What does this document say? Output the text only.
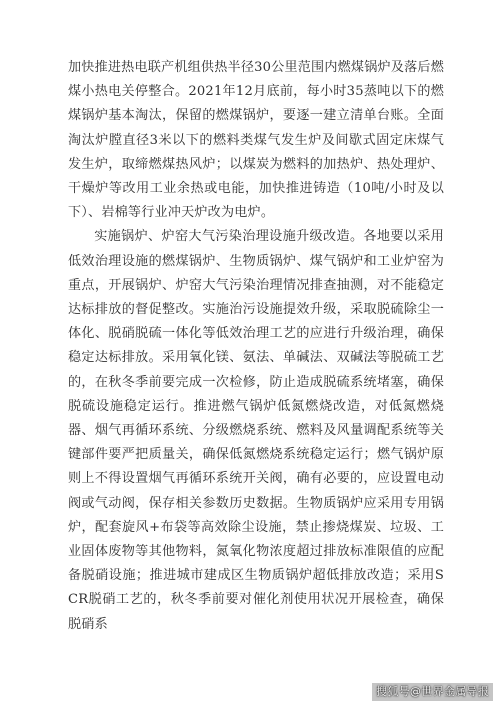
加快推进热电联产机组供热半径30公里范围内燃煤锅炉及落后燃煤小热电关停整合。2021年12月底前，每小时35蒸吨以下的燃煤锅炉基本淘汰，保留的燃煤锅炉，要逐一建立清单台账。全面淘汰炉膛直径3米以下的燃料类煤气发生炉及间歇式固定床煤气发生炉，取缔燃煤热风炉；以煤炭为燃料的加热炉、热处理炉、干燥炉等改用工业余热或电能，加快推进铸造（10吨/小时及以下）、岩棉等行业冲天炉改为电炉。

实施锅炉、炉窑大气污染治理设施升级改造。各地要以采用低效治理设施的燃煤锅炉、生物质锅炉、煤气锅炉和工业炉窑为重点，开展锅炉、炉窑大气污染治理情况排查抽测，对不能稳定达标排放的督促整改。实施治污设施提效升级，采取脱硫除尘一体化、脱硝脱硫一体化等低效治理工艺的应进行升级治理，确保稳定达标排放。采用氧化镁、氨法、单碱法、双碱法等脱硫工艺的，在秋冬季前要完成一次检修，防止造成脱硫系统堵塞，确保脱硫设施稳定运行。推进燃气锅炉低氮燃烧改造，对低氮燃烧器、烟气再循环系统、分级燃烧系统、燃料及风量调配系统等关键部件要严把质量关，确保低氮燃烧系统稳定运行；燃气锅炉原则上不得设置烟气再循环系统开关阀，确有必要的，应设置电动阀或气动阀，保存相关参数历史数据。生物质锅炉应采用专用锅炉，配套旋风+布袋等高效除尘设施，禁止掺烧煤炭、垃圾、工业固体废物等其他物料，氮氧化物浓度超过排放标准限值的应配备脱硝设施；推进城市建成区生物质锅炉超低排放改造；采用SCR脱硝工艺的，秋冬季前要对催化剂使用状况开展检查，确保脱硝系

搜狐号@世界金属导报
